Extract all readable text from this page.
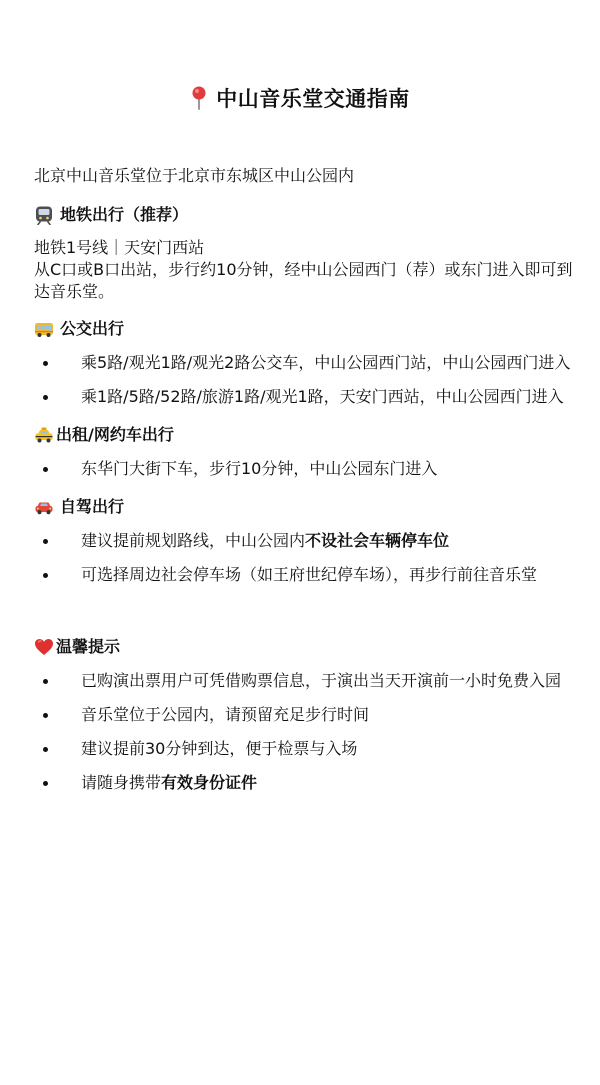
中山音乐堂交通指南

北京中山音乐堂位于北京市东城区中山公园内

地铁出行（推荐）

地铁1号线｜天安门西站

从C口或B口出站，步行约10分钟，经中山公园西门（荐）或东门进入即可到达音乐堂。

公交出行
乘5路/观光1路/观光2路公交车，中山公园西门站，中山公园西门进入
乘1路/5路/52路/旅游1路/观光1路，天安门西站，中山公园西门进入
出租/网约车出行
东华门大街下车，步行10分钟，中山公园东门进入
自驾出行
建议提前规划路线，中山公园内不设社会车辆停车位
可选择周边社会停车场（如王府世纪停车场），再步行前往音乐堂
温馨提示
已购演出票用户可凭借购票信息，于演出当天开演前一小时免费入园
音乐堂位于公园内，请预留充足步行时间
建议提前30分钟到达，便于检票与入场
请随身携带有效身份证件
